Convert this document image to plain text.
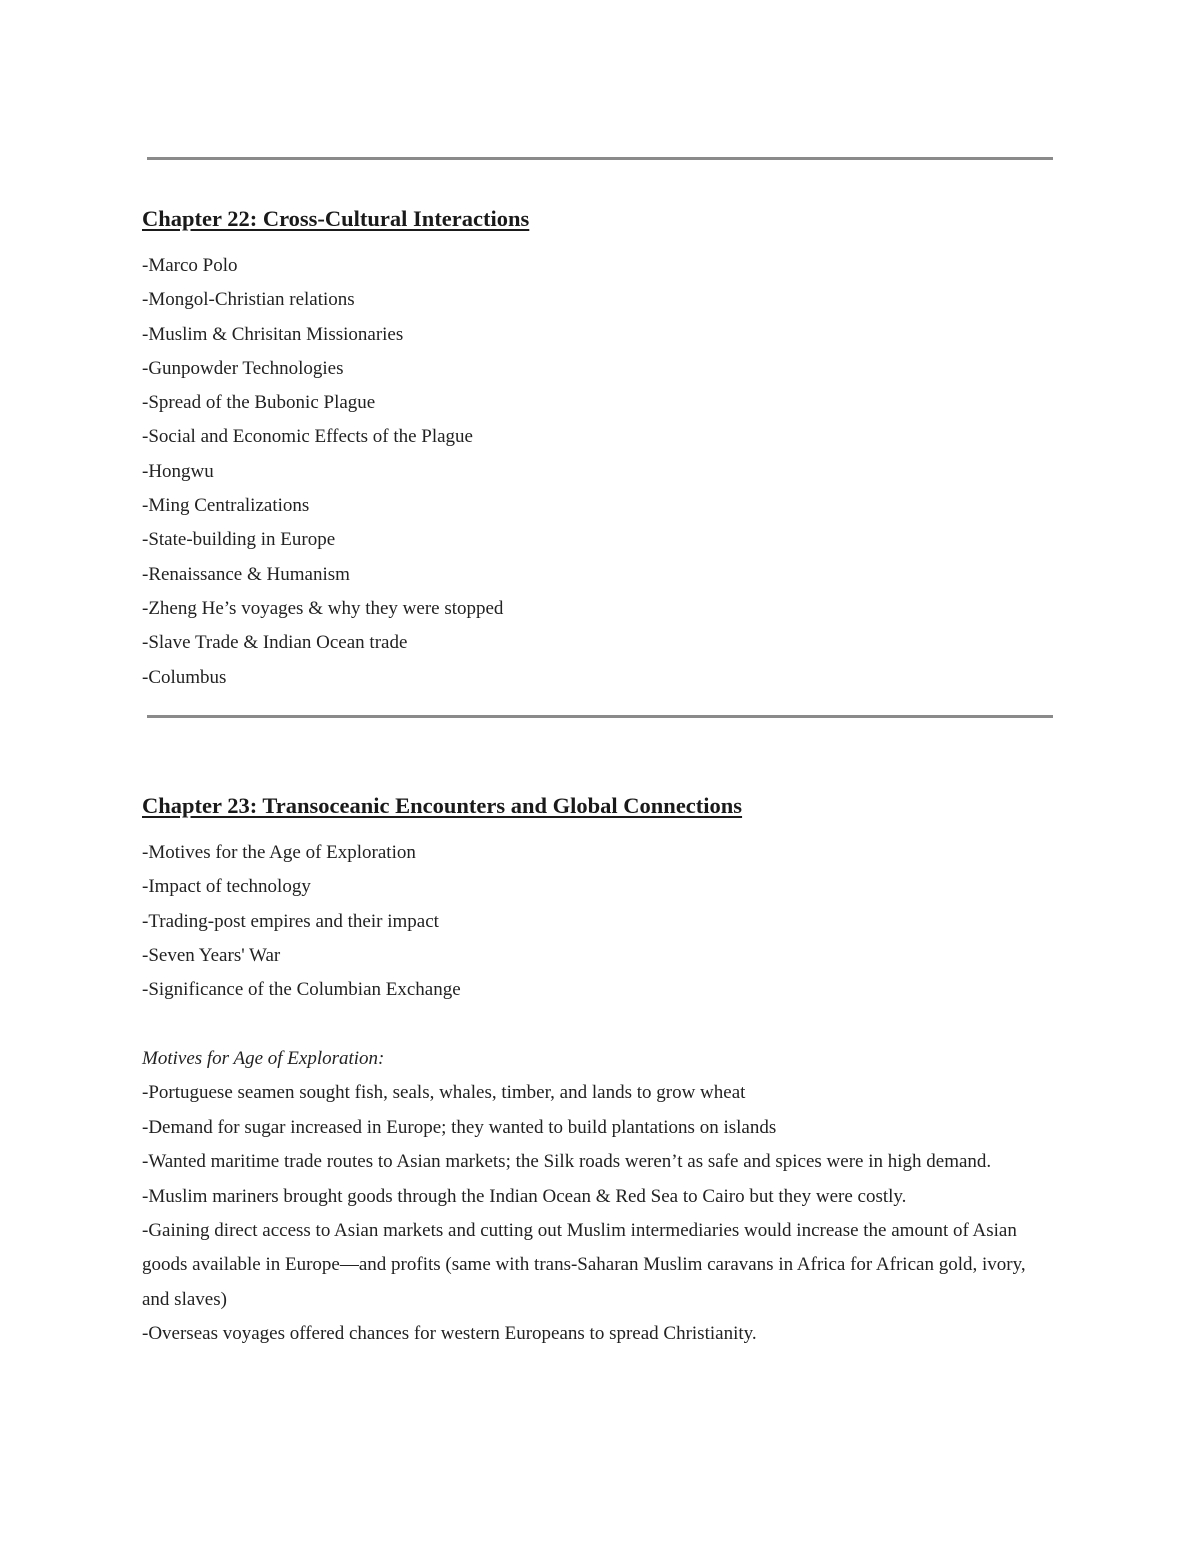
Chapter 22: Cross-Cultural Interactions
-Marco Polo
-Mongol-Christian relations
-Muslim & Chrisitan Missionaries
-Gunpowder Technologies
-Spread of the Bubonic Plague
-Social and Economic Effects of the Plague
-Hongwu
-Ming Centralizations
-State-building in Europe
-Renaissance & Humanism
-Zheng He’s voyages & why they were stopped
-Slave Trade & Indian Ocean trade
-Columbus
Chapter 23: Transoceanic Encounters and Global Connections
-Motives for the Age of Exploration
-Impact of technology
-Trading-post empires and their impact
-Seven Years' War
-Significance of the Columbian Exchange

Motives for Age of Exploration:

-Portuguese seamen sought fish, seals, whales, timber, and lands to grow wheat

-Demand for sugar increased in Europe; they wanted to build plantations on islands

-Wanted maritime trade routes to Asian markets; the Silk roads weren’t as safe and spices were in high demand.

-Muslim mariners brought goods through the Indian Ocean & Red Sea to Cairo but they were costly.

-Gaining direct access to Asian markets and cutting out Muslim intermediaries would increase the amount of Asian goods available in Europe—and profits (same with trans-Saharan Muslim caravans in Africa for African gold, ivory, and slaves)

-Overseas voyages offered chances for western Europeans to spread Christianity.
